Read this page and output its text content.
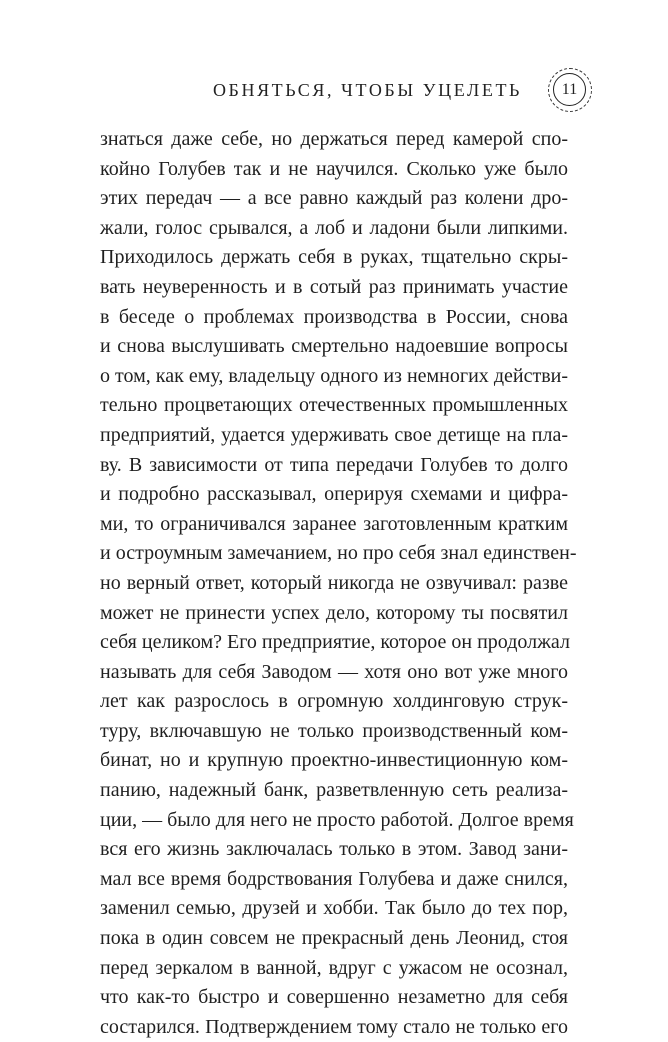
ОБНЯТЬСЯ, ЧТОБЫ УЦЕЛЕТЬ	11
знаться даже себе, но держаться перед камерой спо-
койно Голубев так и не научился. Сколько уже было
этих передач — а все равно каждый раз колени дро-
жали, голос срывался, а лоб и ладони были липкими.
Приходилось держать себя в руках, тщательно скры-
вать неуверенность и в сотый раз принимать участие
в беседе о проблемах производства в России, снова
и снова выслушивать смертельно надоевшие вопросы
о том, как ему, владельцу одного из немногих действи-
тельно процветающих отечественных промышленных
предприятий, удается удерживать свое детище на пла-
ву. В зависимости от типа передачи Голубев то долго
и подробно рассказывал, оперируя схемами и цифра-
ми, то ограничивался заранее заготовленным кратким
и остроумным замечанием, но про себя знал единствен-
но верный ответ, который никогда не озвучивал: разве
может не принести успех дело, которому ты посвятил
себя целиком? Его предприятие, которое он продолжал
называть для себя Заводом — хотя оно вот уже много
лет как разрослось в огромную холдинговую струк-
туру, включавшую не только производственный ком-
бинат, но и крупную проектно-инвестиционную ком-
панию, надежный банк, разветвленную сеть реализа-
ции, — было для него не просто работой. Долгое время
вся его жизнь заключалась только в этом. Завод зани-
мал все время бодрствования Голубева и даже снился,
заменил семью, друзей и хобби. Так было до тех пор,
пока в один совсем не прекрасный день Леонид, стоя
перед зеркалом в ванной, вдруг с ужасом не осознал,
что как-то быстро и совершенно незаметно для себя
состарился. Подтверждением тому стало не только его
